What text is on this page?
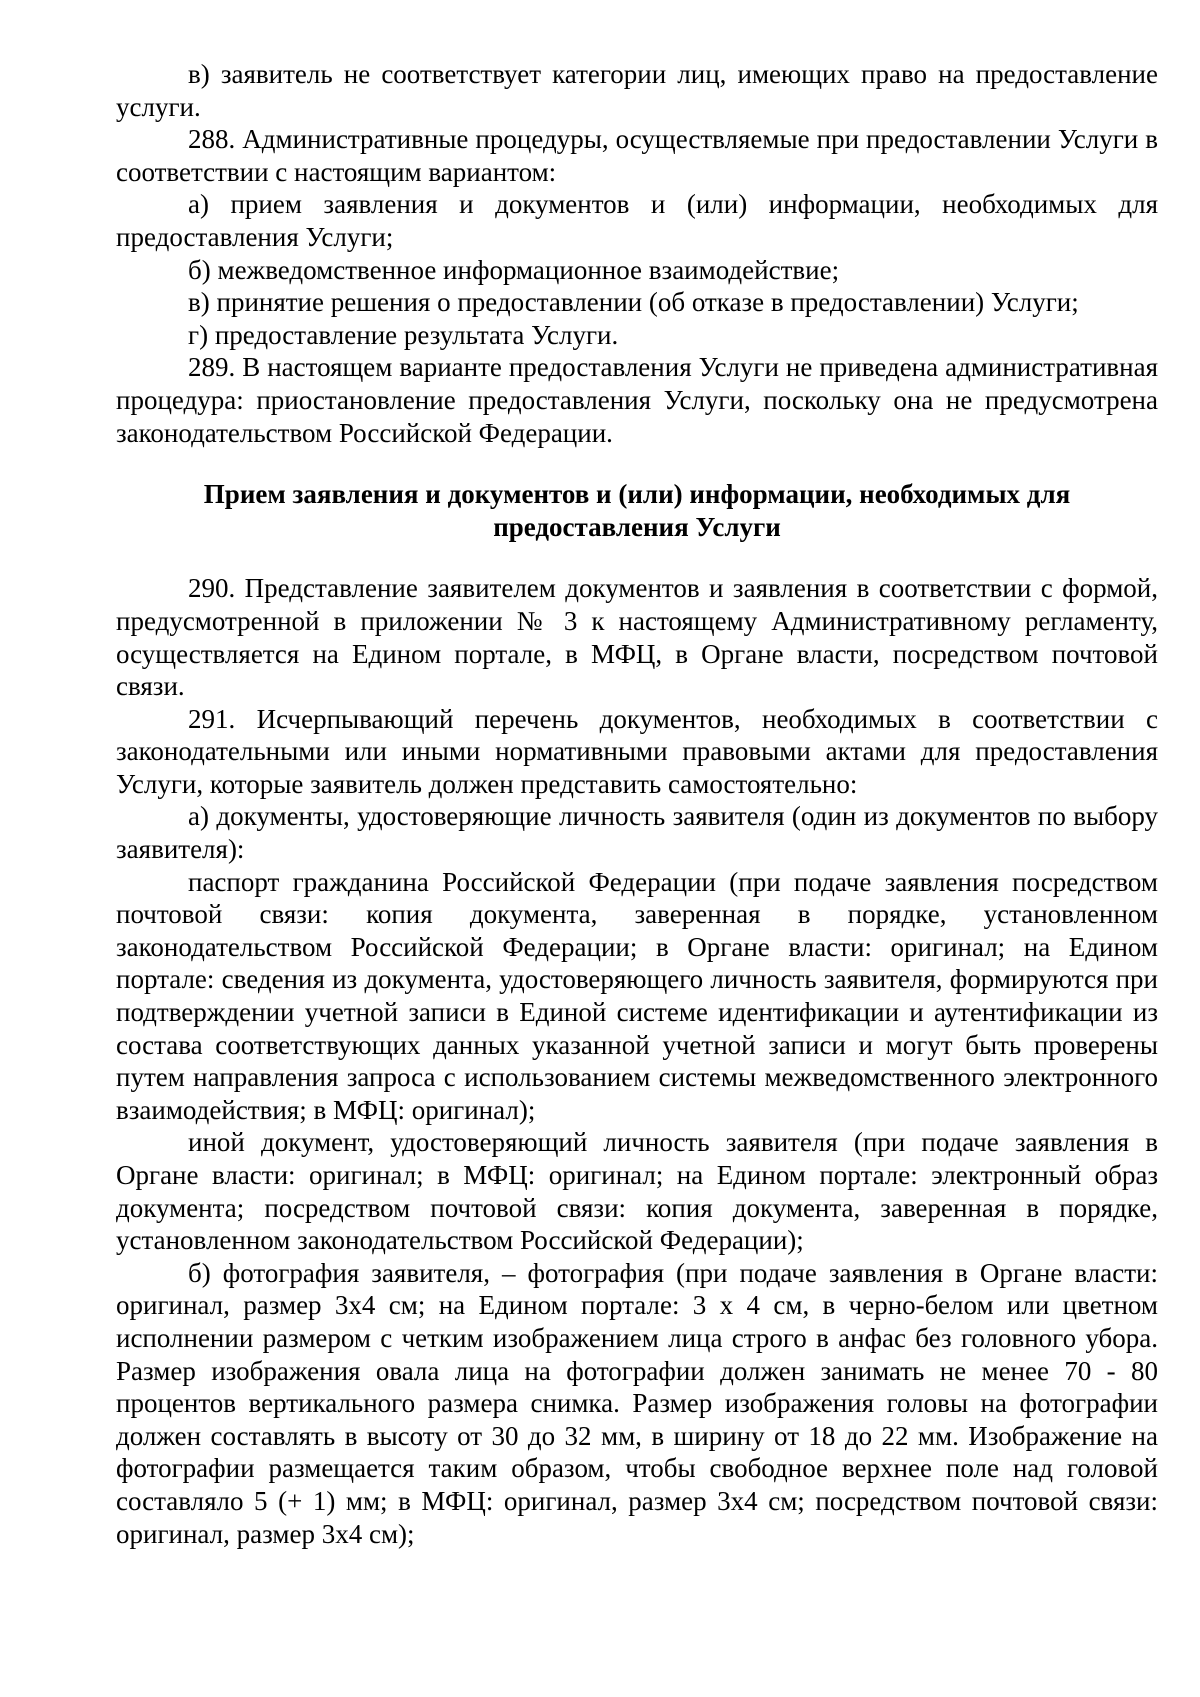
в) заявитель не соответствует категории лиц, имеющих право на предоставление услуги.

288. Административные процедуры, осуществляемые при предоставлении Услуги в соответствии с настоящим вариантом:

а) прием заявления и документов и (или) информации, необходимых для предоставления Услуги;

б) межведомственное информационное взаимодействие;

в) принятие решения о предоставлении (об отказе в предоставлении) Услуги;

г) предоставление результата Услуги.

289. В настоящем варианте предоставления Услуги не приведена административная процедура: приостановление предоставления Услуги, поскольку она не предусмотрена законодательством Российской Федерации.

Прием заявления и документов и (или) информации, необходимых для предоставления Услуги

290. Представление заявителем документов и заявления в соответствии с формой, предусмотренной в приложении № 3 к настоящему Административному регламенту, осуществляется на Едином портале, в МФЦ, в Органе власти, посредством почтовой связи.

291. Исчерпывающий перечень документов, необходимых в соответствии с законодательными или иными нормативными правовыми актами для предоставления Услуги, которые заявитель должен представить самостоятельно:

а) документы, удостоверяющие личность заявителя (один из документов по выбору заявителя):

паспорт гражданина Российской Федерации (при подаче заявления посредством почтовой связи: копия документа, заверенная в порядке, установленном законодательством Российской Федерации; в Органе власти: оригинал; на Едином портале: сведения из документа, удостоверяющего личность заявителя, формируются при подтверждении учетной записи в Единой системе идентификации и аутентификации из состава соответствующих данных указанной учетной записи и могут быть проверены путем направления запроса с использованием системы межведомственного электронного взаимодействия; в МФЦ: оригинал);

иной документ, удостоверяющий личность заявителя (при подаче заявления в Органе власти: оригинал; в МФЦ: оригинал; на Едином портале: электронный образ документа; посредством почтовой связи: копия документа, заверенная в порядке, установленном законодательством Российской Федерации);

б) фотография заявителя, – фотография (при подаче заявления в Органе власти: оригинал, размер 3x4 см; на Едином портале: 3 x 4 см, в черно-белом или цветном исполнении размером с четким изображением лица строго в анфас без головного убора. Размер изображения овала лица на фотографии должен занимать не менее 70 - 80 процентов вертикального размера снимка. Размер изображения головы на фотографии должен составлять в высоту от 30 до 32 мм, в ширину от 18 до 22 мм. Изображение на фотографии размещается таким образом, чтобы свободное верхнее поле над головой составляло 5 (+ 1) мм; в МФЦ: оригинал, размер 3x4 см; посредством почтовой связи: оригинал, размер 3x4 см);
